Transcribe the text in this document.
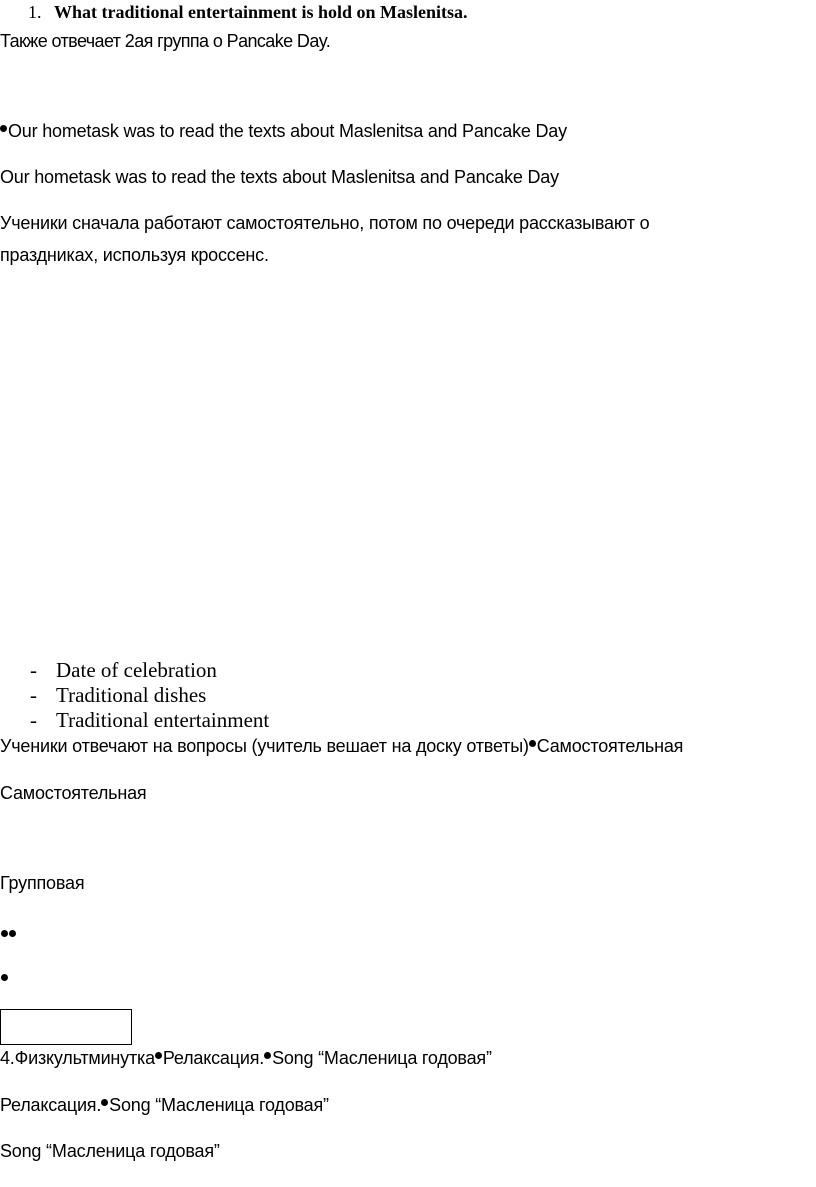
1. What traditional entertainment is hold on Maslenitsa.
Также отвечает 2ая группа о Pancake Day.
Our hometask was to read the texts about Maslenitsa and Pancake Day
Our hometask was to read the texts about Maslenitsa and Pancake Day
Ученики сначала работают самостоятельно, потом по очереди рассказывают о
праздниках, используя кроссенс.
- Date of celebration
- Traditional dishes
- Traditional entertainment
Ученики отвечают на вопросы (учитель вешает на доску ответы) Самостоятельная
Самостоятельная
Групповая
4.Физкультминутка Релаксация. Song “Масленица годовая”
Релаксация. Song “Масленица годовая”
Song “Масленица годовая”
